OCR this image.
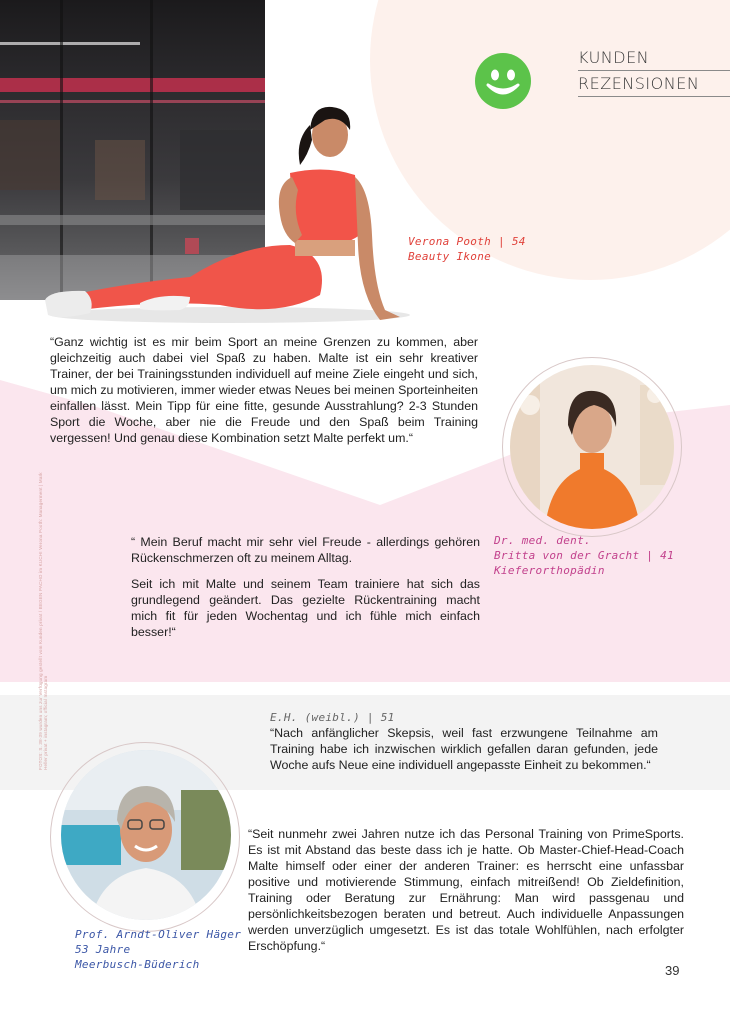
KUNDEN
REZENSIONEN
Verona Pooth | 54
Beauty Ikone

“Ganz wichtig ist es mir beim Sport an meine Grenzen zu kommen, aber gleichzeitig auch dabei viel Spaß zu haben. Malte ist ein sehr kreativer Trainer, der bei Trainingsstunden individuell auf meine Ziele eingeht und sich, um mich zu motivieren, immer wieder etwas Neues bei meinen Sporteinheiten einfallen lässt. Mein Tipp für eine fitte, gesunde Ausstrahlung? 2-3 Stunden Sport die Woche, aber nie die Freude und den Spaß beim Training vergessen! Und genau diese Kombination setzt Malte perfekt um.“

Dr. med. dent.
Britta von der Gracht | 41
Kieferorthopädin

“ Mein Beruf macht mir sehr viel Freude - allerdings gehören Rückenschmerzen oft zu meinem Alltag.

Seit ich mit Malte und seinem Team trainiere hat sich das grundlegend geändert. Das gezielte Rückentraining macht mich fit für jeden Wochentag und ich fühle mich einfach besser!“

E.H. (weibl.) | 51

“Nach anfänglicher Skepsis, weil fast erzwungene Teilnahme am Training habe ich inzwischen wirklich gefallen daran gefunden, jede Woche aufs Neue eine individuell angepasste Einheit zu bekommen.“

“Seit nunmehr zwei Jahren nutze ich das Personal Training von PrimeSports. Es ist mit Abstand das beste dass ich je hatte. Ob Master-Chief-Head-Coach Malte himself oder einer der anderen Trainer: es herrscht eine unfassbar positive und motivierende Stimmung, einfach mitreißend! Ob Zieldefinition, Training oder Beratung zur Ernährung: Man wird passgenau und persönlichkeitsbezogen beraten und betreut. Auch individuelle Anpassungen werden unverzüglich umgesetzt. Es ist das totale Wohlfühlen, nach erfolgter Erschöpfung.“

Prof. Arndt-Oliver Häger
53 Jahre
Meerbusch-Büderich
FOTOS: S. 38-39 wurden uns zur Verfügung gestellt vom Kunden privat / BEGEN PACHO im KUCHI Verona Pooth: Managerment | Mark Heller privat + instagram; official Instagram
39
